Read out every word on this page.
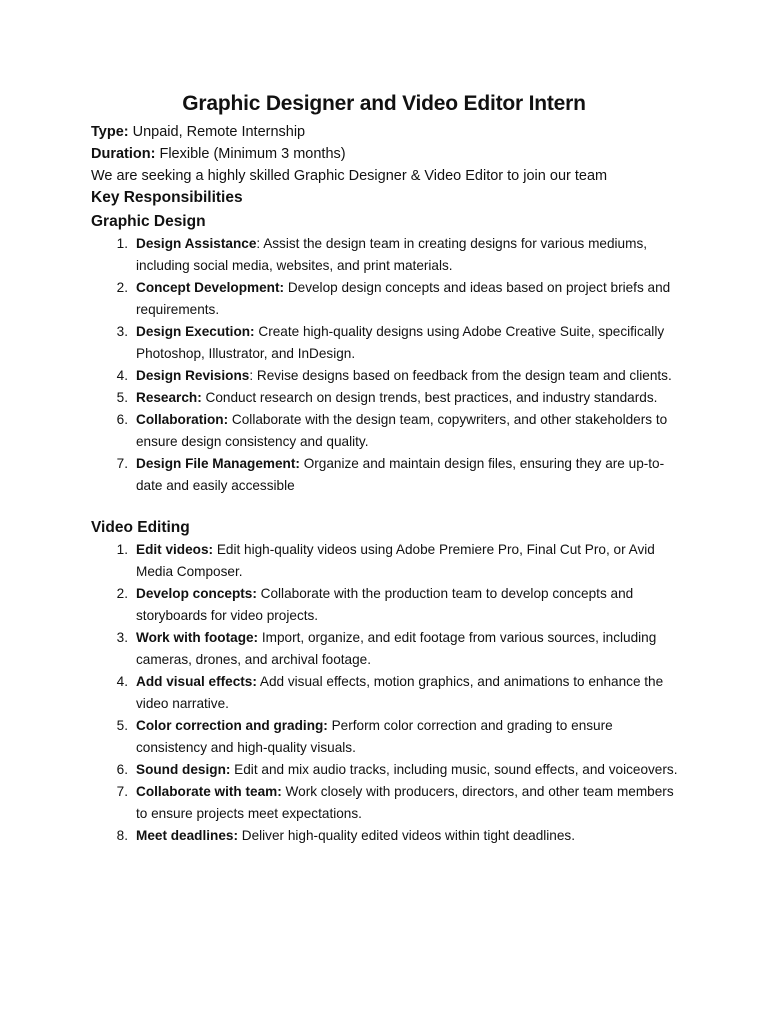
Graphic Designer and Video Editor Intern
Type: Unpaid, Remote Internship
Duration: Flexible (Minimum 3 months)
We are seeking a highly skilled Graphic Designer & Video Editor to join our team
Key Responsibilities
Graphic Design
1. Design Assistance: Assist the design team in creating designs for various mediums, including social media, websites, and print materials.
2. Concept Development: Develop design concepts and ideas based on project briefs and requirements.
3. Design Execution: Create high-quality designs using Adobe Creative Suite, specifically Photoshop, Illustrator, and InDesign.
4. Design Revisions: Revise designs based on feedback from the design team and clients.
5. Research: Conduct research on design trends, best practices, and industry standards.
6. Collaboration: Collaborate with the design team, copywriters, and other stakeholders to ensure design consistency and quality.
7. Design File Management: Organize and maintain design files, ensuring they are up-to-date and easily accessible
Video Editing
1. Edit videos: Edit high-quality videos using Adobe Premiere Pro, Final Cut Pro, or Avid Media Composer.
2. Develop concepts: Collaborate with the production team to develop concepts and storyboards for video projects.
3. Work with footage: Import, organize, and edit footage from various sources, including cameras, drones, and archival footage.
4. Add visual effects: Add visual effects, motion graphics, and animations to enhance the video narrative.
5. Color correction and grading: Perform color correction and grading to ensure consistency and high-quality visuals.
6. Sound design: Edit and mix audio tracks, including music, sound effects, and voiceovers.
7. Collaborate with team: Work closely with producers, directors, and other team members to ensure projects meet expectations.
8. Meet deadlines: Deliver high-quality edited videos within tight deadlines.
